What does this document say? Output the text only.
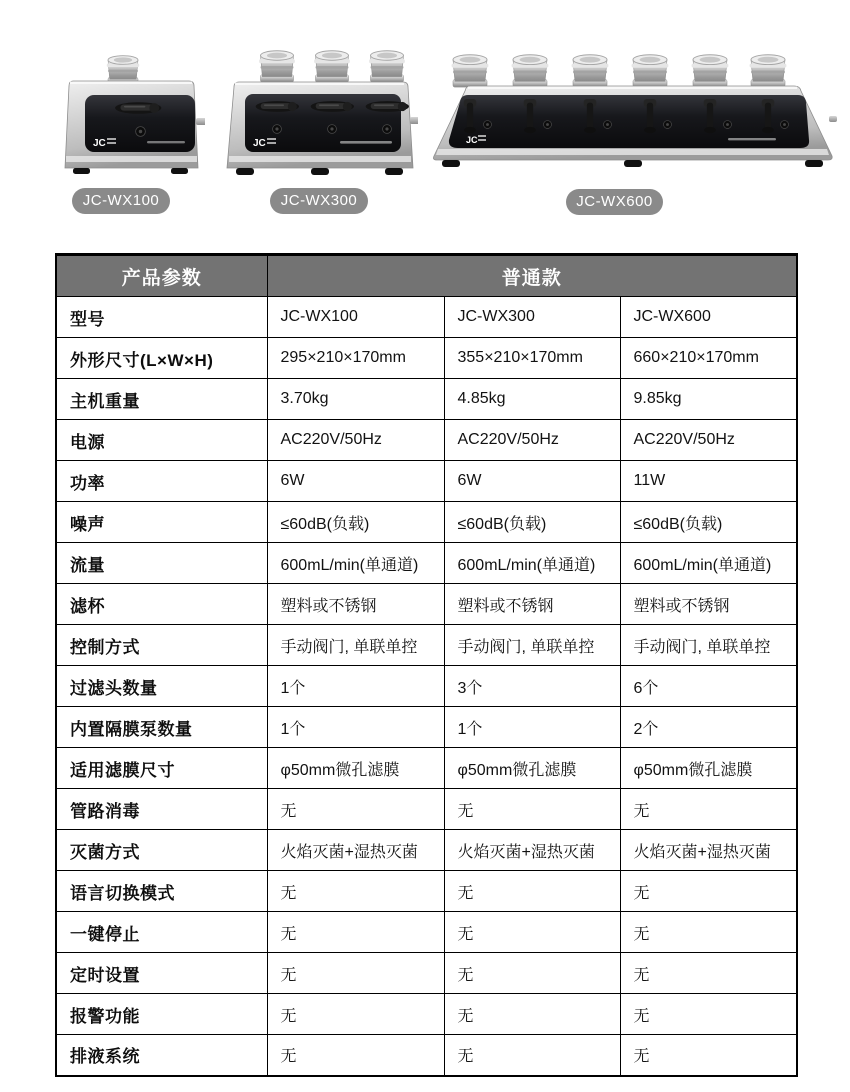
JC	JC	JC
JC-WX100	JC-WX300	JC-WX600
产品参数	普通款		
型号	JC-WX100	JC-WX300	JC-WX600
外形尺寸(L×W×H)	295×210×170mm	355×210×170mm	660×210×170mm
主机重量	3.70kg	4.85kg	9.85kg
电源	AC220V/50Hz	AC220V/50Hz	AC220V/50Hz
功率	6W	6W	11W
噪声	≤60dB(负载)	≤60dB(负载)	≤60dB(负载)
流量	600mL/min(单通道)	600mL/min(单通道)	600mL/min(单通道)
滤杯	塑料或不锈钢	塑料或不锈钢	塑料或不锈钢
控制方式	手动阀门, 单联单控	手动阀门, 单联单控	手动阀门, 单联单控
过滤头数量	1个	3个	6个
内置隔膜泵数量	1个	1个	2个
适用滤膜尺寸	φ50mm微孔滤膜	φ50mm微孔滤膜	φ50mm微孔滤膜
管路消毒	无	无	无
灭菌方式	火焰灭菌+湿热灭菌	火焰灭菌+湿热灭菌	火焰灭菌+湿热灭菌
语言切换模式	无	无	无
一键停止	无	无	无
定时设置	无	无	无
报警功能	无	无	无
排液系统	无	无	无
